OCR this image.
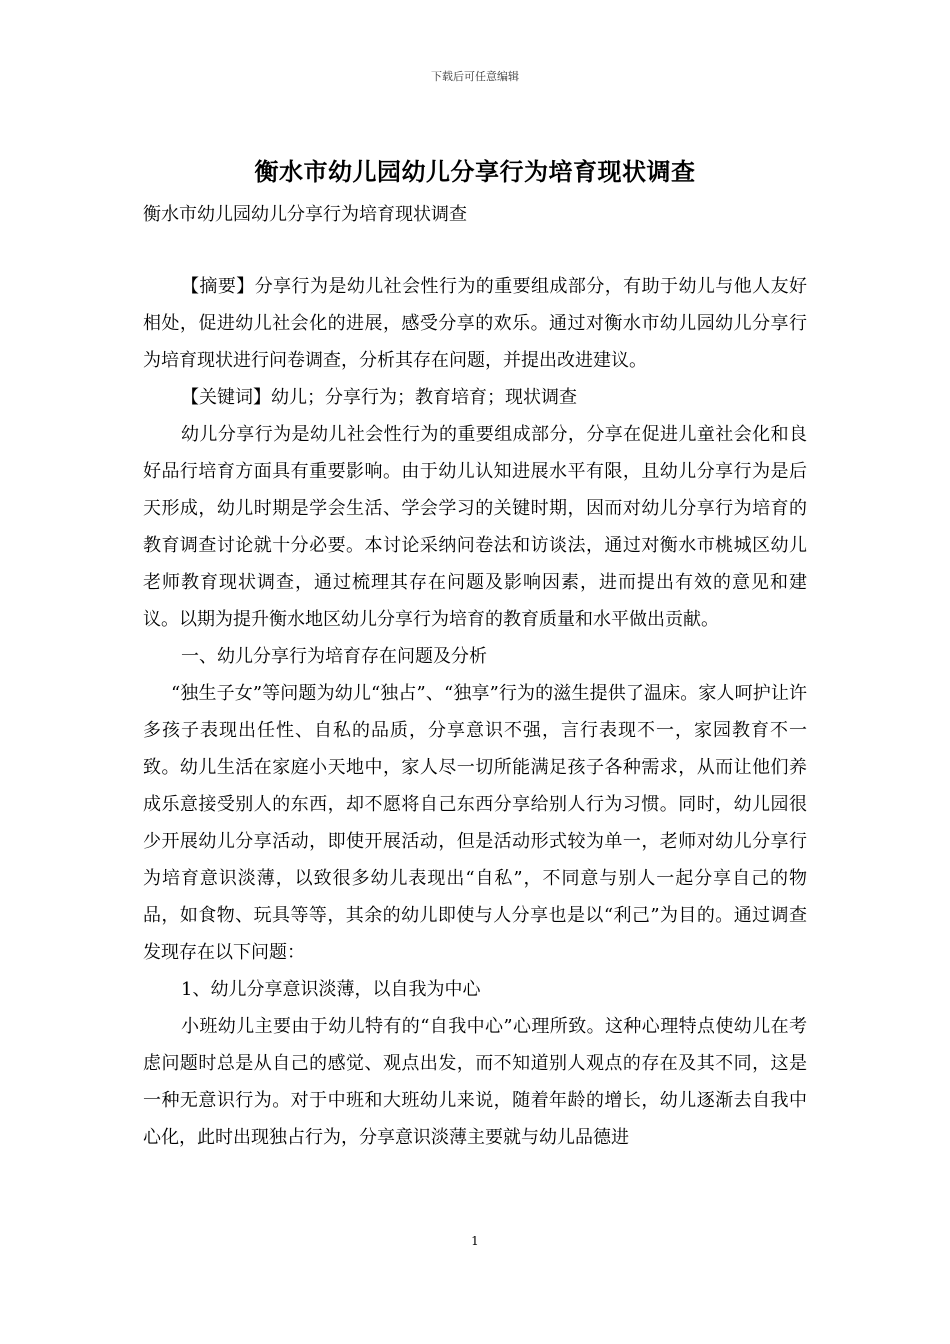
下载后可任意编辑
衡水市幼儿园幼儿分享行为培育现状调查
衡水市幼儿园幼儿分享行为培育现状调查

【摘要】分享行为是幼儿社会性行为的重要组成部分，有助于幼儿与他人友好相处，促进幼儿社会化的进展，感受分享的欢乐。通过对衡水市幼儿园幼儿分享行为培育现状进行问卷调查，分析其存在问题，并提出改进建议。

【关键词】幼儿；分享行为；教育培育；现状调查

幼儿分享行为是幼儿社会性行为的重要组成部分，分享在促进儿童社会化和良好品行培育方面具有重要影响。由于幼儿认知进展水平有限，且幼儿分享行为是后天形成，幼儿时期是学会生活、学会学习的关键时期，因而对幼儿分享行为培育的教育调查讨论就十分必要。本讨论采纳问卷法和访谈法，通过对衡水市桃城区幼儿老师教育现状调查，通过梳理其存在问题及影响因素，进而提出有效的意见和建议。以期为提升衡水地区幼儿分享行为培育的教育质量和水平做出贡献。

一、幼儿分享行为培育存在问题及分析

“独生子女”等问题为幼儿“独占”、“独享”行为的滋生提供了温床。家人呵护让许多孩子表现出任性、自私的品质，分享意识不强，言行表现不一，家园教育不一致。幼儿生活在家庭小天地中，家人尽一切所能满足孩子各种需求，从而让他们养成乐意接受别人的东西，却不愿将自己东西分享给别人行为习惯。同时，幼儿园很少开展幼儿分享活动，即使开展活动，但是活动形式较为单一，老师对幼儿分享行为培育意识淡薄，以致很多幼儿表现出“自私”，不同意与别人一起分享自己的物品，如食物、玩具等等，其余的幼儿即使与人分享也是以“利己”为目的。通过调查发现存在以下问题：

1、幼儿分享意识淡薄，以自我为中心

小班幼儿主要由于幼儿特有的“自我中心”心理所致。这种心理特点使幼儿在考虑问题时总是从自己的感觉、观点出发，而不知道别人观点的存在及其不同，这是一种无意识行为。对于中班和大班幼儿来说，随着年龄的增长，幼儿逐渐去自我中心化，此时出现独占行为，分享意识淡薄主要就与幼儿品德进

1
